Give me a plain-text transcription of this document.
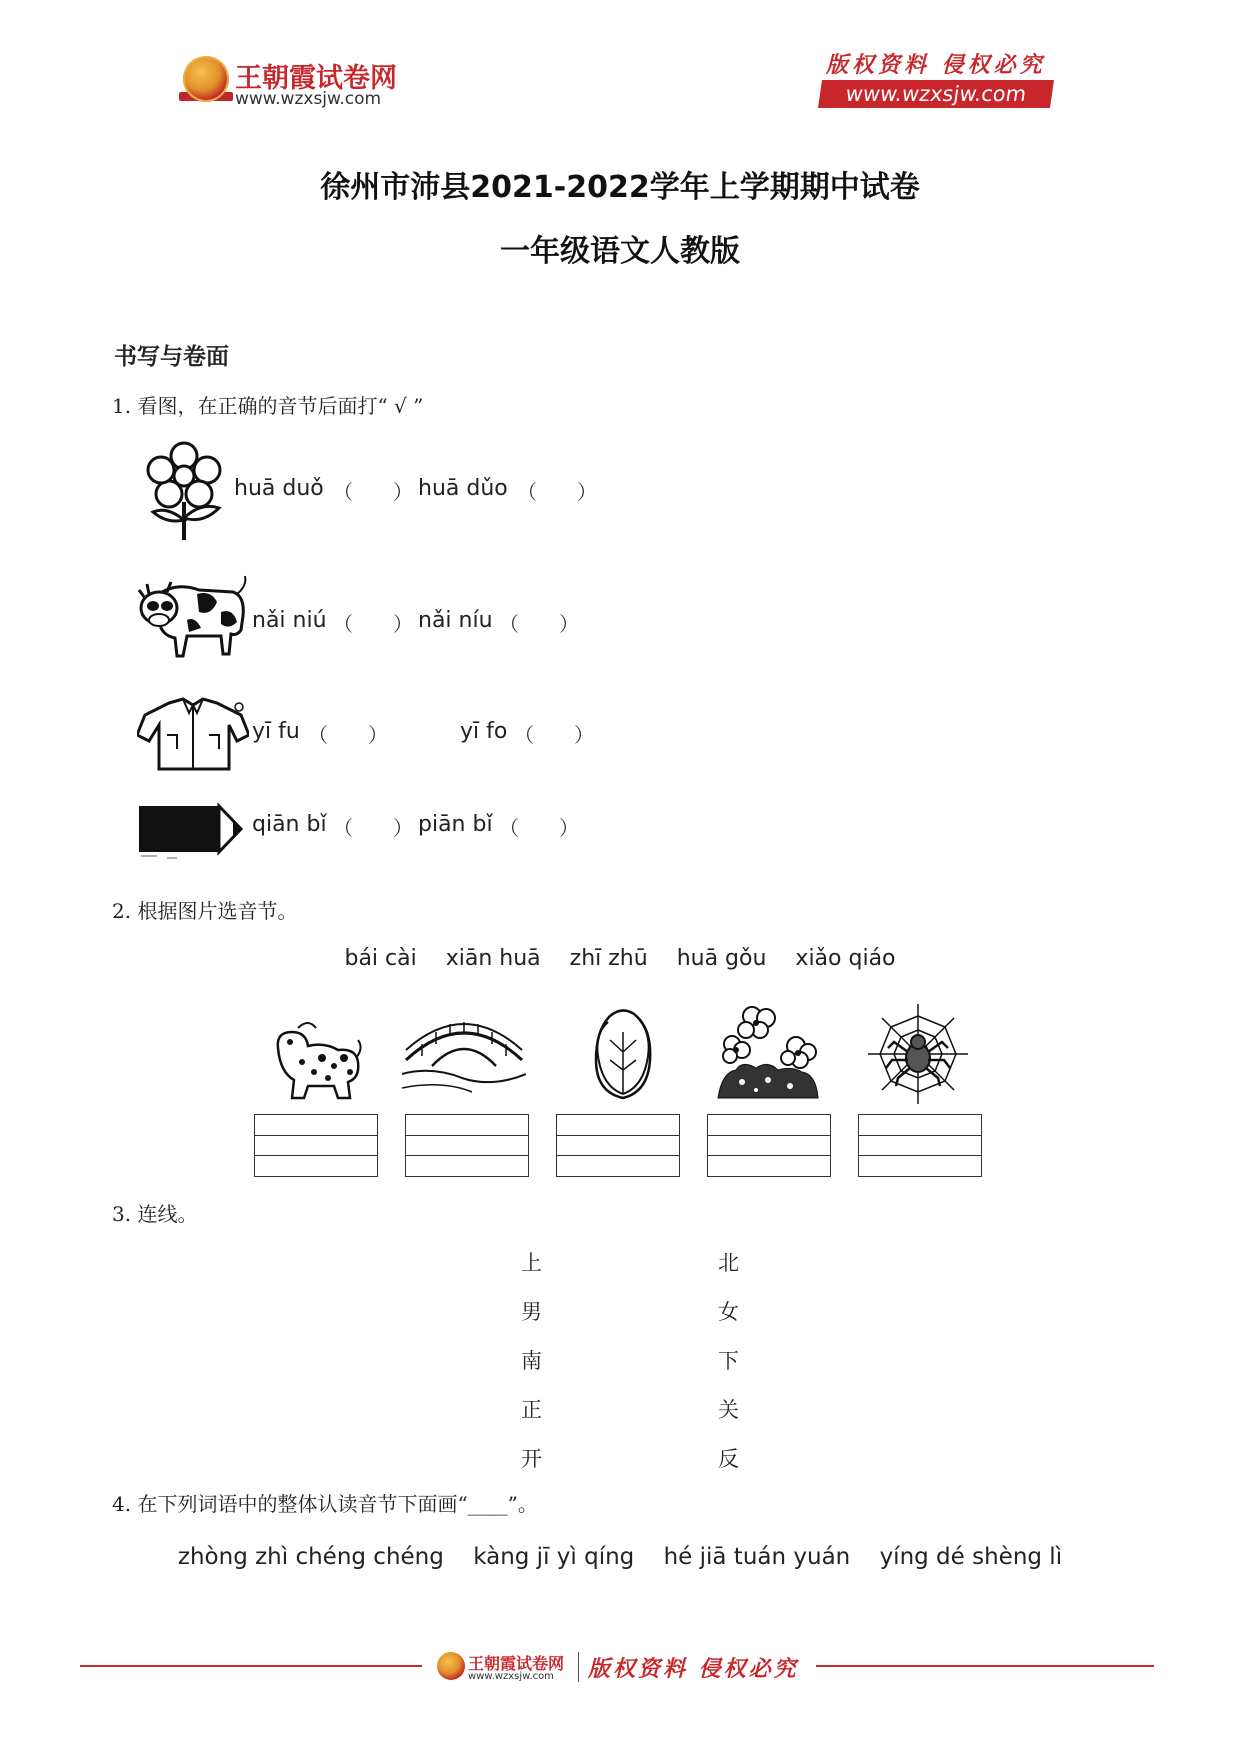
王朝霞试卷网
www.wzxsjw.com
版权资料 侵权必究
www.wzxsjw.com
徐州市沛县2021-2022学年上学期期中试卷
一年级语文人教版
书写与卷面
1. 看图，在正确的音节后面打“ √ ”
huā duǒ （　　） huā dǔo （　　）
nǎi niú （　　） nǎi níu （　　）
yī fu （　　）	yī fo （　　）
qiān bǐ （　　） piān bǐ （　　）
2. 根据图片选音节。
bái cài xiān huā zhī zhū huā gǒu xiǎo qiáo
3. 连线。
上
男
南
正
开
北
女
下
关
反
4. 在下列词语中的整体认读音节下面画“____”。
zhòng zhì chéng chéng kàng jī yì qíng hé jiā tuán yuán yíng dé shèng lì
王朝霞试卷网
www.wzxsjw.com 版权资料 侵权必究
